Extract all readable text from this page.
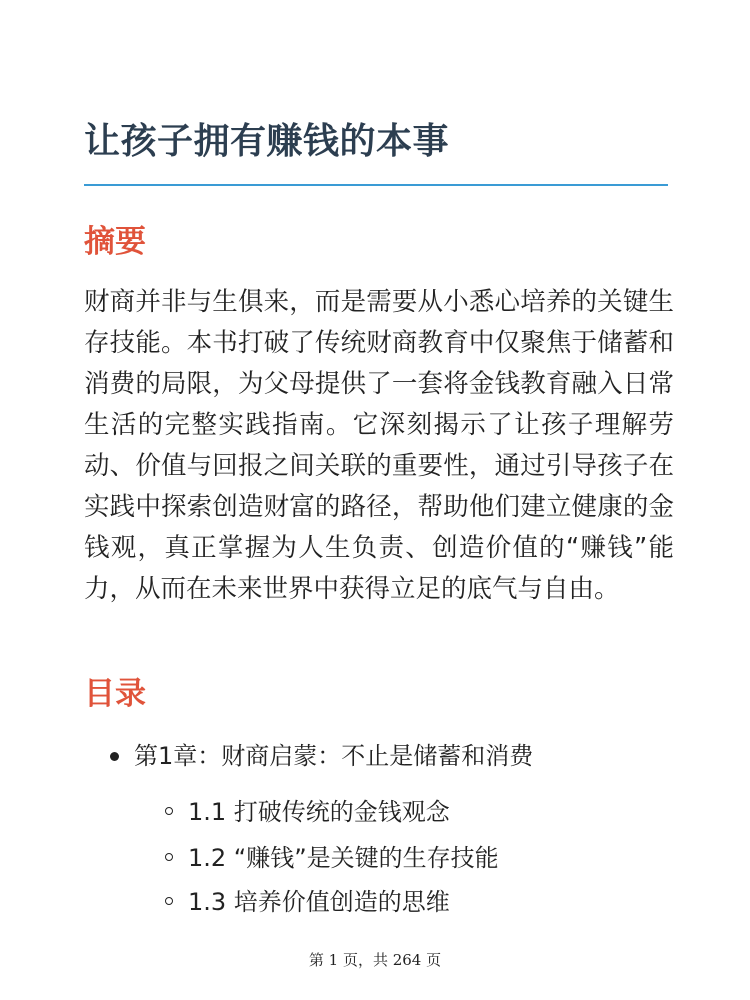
让孩子拥有赚钱的本事
摘要

财商并非与生俱来，而是需要从小悉心培养的关键生存技能。本书打破了传统财商教育中仅聚焦于储蓄和消费的局限，为父母提供了一套将金钱教育融入日常生活的完整实践指南。它深刻揭示了让孩子理解劳动、价值与回报之间关联的重要性，通过引导孩子在实践中探索创造财富的路径，帮助他们建立健康的金钱观，真正掌握为人生负责、创造价值的“赚钱”能力，从而在未来世界中获得立足的底气与自由。

目录
第1章：财商启蒙：不止是储蓄和消费
1.1 打破传统的金钱观念
1.2 “赚钱”是关键的生存技能
1.3 培养价值创造的思维
第 1 页，共 264 页
